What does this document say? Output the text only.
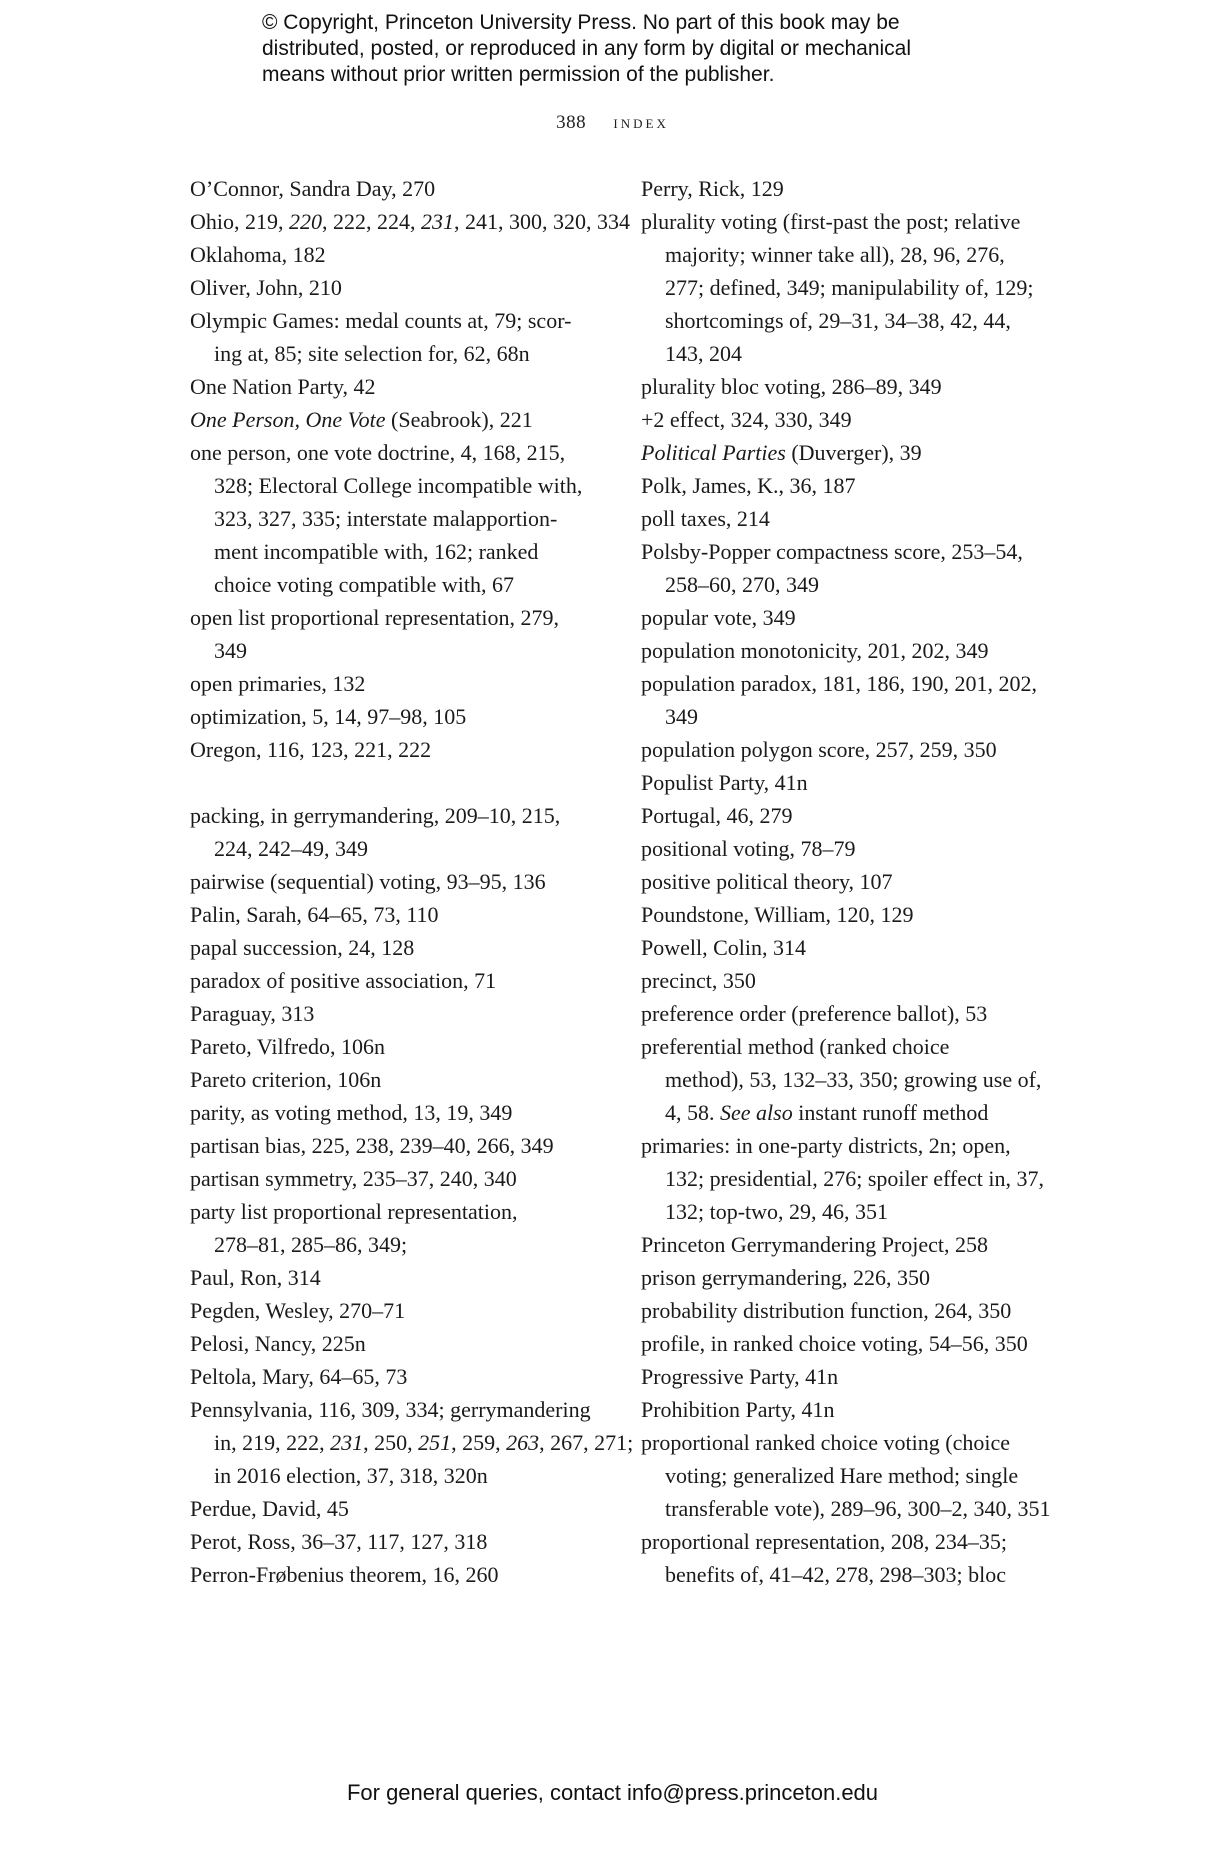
© Copyright, Princeton University Press. No part of this book may be
distributed, posted, or reproduced in any form by digital or mechanical
means without prior written permission of the publisher.
388 index
O’Connor, Sandra Day, 270
Ohio, 219, 220, 222, 224, 231, 241, 300, 320, 334
Oklahoma, 182
Oliver, John, 210
Olympic Games: medal counts at, 79; scor-
ing at, 85; site selection for, 62, 68n
One Nation Party, 42
One Person, One Vote (Seabrook), 221
one person, one vote doctrine, 4, 168, 215,
328; Electoral College incompatible with,
323, 327, 335; interstate malapportion-
ment incompatible with, 162; ranked
choice voting compatible with, 67
open list proportional representation, 279,
349
open primaries, 132
optimization, 5, 14, 97–98, 105
Oregon, 116, 123, 221, 222
packing, in gerrymandering, 209–10, 215,
224, 242–49, 349
pairwise (sequential) voting, 93–95, 136
Palin, Sarah, 64–65, 73, 110
papal succession, 24, 128
paradox of positive association, 71
Paraguay, 313
Pareto, Vilfredo, 106n
Pareto criterion, 106n
parity, as voting method, 13, 19, 349
partisan bias, 225, 238, 239–40, 266, 349
partisan symmetry, 235–37, 240, 340
party list proportional representation,
278–81, 285–86, 349;
Paul, Ron, 314
Pegden, Wesley, 270–71
Pelosi, Nancy, 225n
Peltola, Mary, 64–65, 73
Pennsylvania, 116, 309, 334; gerrymandering
in, 219, 222, 231, 250, 251, 259, 263, 267, 271;
in 2016 election, 37, 318, 320n
Perdue, David, 45
Perot, Ross, 36–37, 117, 127, 318
Perron-Frøbenius theorem, 16, 260
Perry, Rick, 129
plurality voting (first-past the post; relative
majority; winner take all), 28, 96, 276,
277; defined, 349; manipulability of, 129;
shortcomings of, 29–31, 34–38, 42, 44,
143, 204
plurality bloc voting, 286–89, 349
+2 effect, 324, 330, 349
Political Parties (Duverger), 39
Polk, James, K., 36, 187
poll taxes, 214
Polsby-Popper compactness score, 253–54,
258–60, 270, 349
popular vote, 349
population monotonicity, 201, 202, 349
population paradox, 181, 186, 190, 201, 202,
349
population polygon score, 257, 259, 350
Populist Party, 41n
Portugal, 46, 279
positional voting, 78–79
positive political theory, 107
Poundstone, William, 120, 129
Powell, Colin, 314
precinct, 350
preference order (preference ballot), 53
preferential method (ranked choice
method), 53, 132–33, 350; growing use of,
4, 58. See also instant runoff method
primaries: in one-party districts, 2n; open,
132; presidential, 276; spoiler effect in, 37,
132; top-two, 29, 46, 351
Princeton Gerrymandering Project, 258
prison gerrymandering, 226, 350
probability distribution function, 264, 350
profile, in ranked choice voting, 54–56, 350
Progressive Party, 41n
Prohibition Party, 41n
proportional ranked choice voting (choice
voting; generalized Hare method; single
transferable vote), 289–96, 300–2, 340, 351
proportional representation, 208, 234–35;
benefits of, 41–42, 278, 298–303; bloc
For general queries, contact info@press.princeton.edu
